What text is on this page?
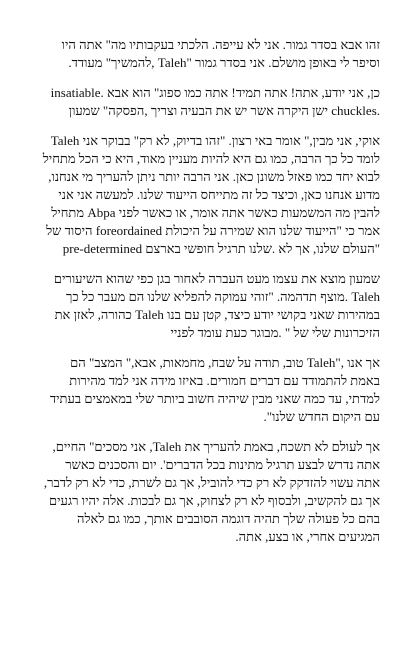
זהו אבא בסדר גמור. אני לא עייפה. הלכתי בעקבותיו מה" אתה היו וסיפר לי באופן מושלם. אני בסדר גמור "Taleh ,להמשיך" מעודד.

insatiable. כן, אני יודע, אתה! אתה תמיד! אתה כמו ספוג" הוא אבא ישן היקרה אשר יש את הבעיה וצריך ,הפסקה" שמעון chuckles.

Taleh אוקי, אני מבין," אומר באי רצון. "זהו בדיוק, לא רק" בבוקר אני לומד כל כך הרבה, כמו גם היא להיות מעניין מאוד, היא כי הכל מתחיל לבוא יחד כמו פאזל משונן כאן. אני הרבה יותר ניתן להעריך מי אנחנו, מדוע אנחנו כאן, וכיצד כל זה מתייחס הייעוד שלנו. למעשה אני אני מתחיל Abpa להבין מה המשמעות כאשר אתה אומר, או כאשר לפני היסוד של foreordained אמר כי "הייעוד שלנו הוא שמירה על היכולת pre-determined העולם שלנו, אך לא .שלנו תרגיל חופשי בארצם"

שמעון מוצא את עצמו מעט העברה לאחור בגן כפי שהוא השיעורים Taleh .מוצף תדהמה. "זוהי עמוקה להפליא שלנו הם מעבר כל כך במהירות שאני בקושי יודע כיצד, קטן עם בנו Taleh כהורה, לאזן את הזיכרונות שלי של " .מבוגר כעת עומד לפניי

אך אנו ,"Taleh טוב, תודה על שבח, מחמאות, אבא," המצב" הם באמת להתמודד עם דברים חמורים. באיזו מידה אני למד מהירות למדתי, עד כמה שאני מבין שיהיה חשוב ביותר שלי במאמצים בעתיד עם היקום החדש שלנו".

אך לעולם לא תשכח, באמת להעריך את Taleh, אני מסכים" החיים, אתה נדרש לבצע תרגיל מתינות בכל הדברים'. יום והסכנים כאשר אתה עשוי להזדקק לא רק כדי להוביל, אך גם לשרת, כדי לא רק לדבר, אך גם להקשיב, ולבסוף לא רק לצחוק, אך גם לבכות. אלה יהיו רגעים בהם כל פעולה שלך תהיה דוגמה הסובבים אותך, כמו גם לאלה המגיעים אחרי, או בצע, אתה.
